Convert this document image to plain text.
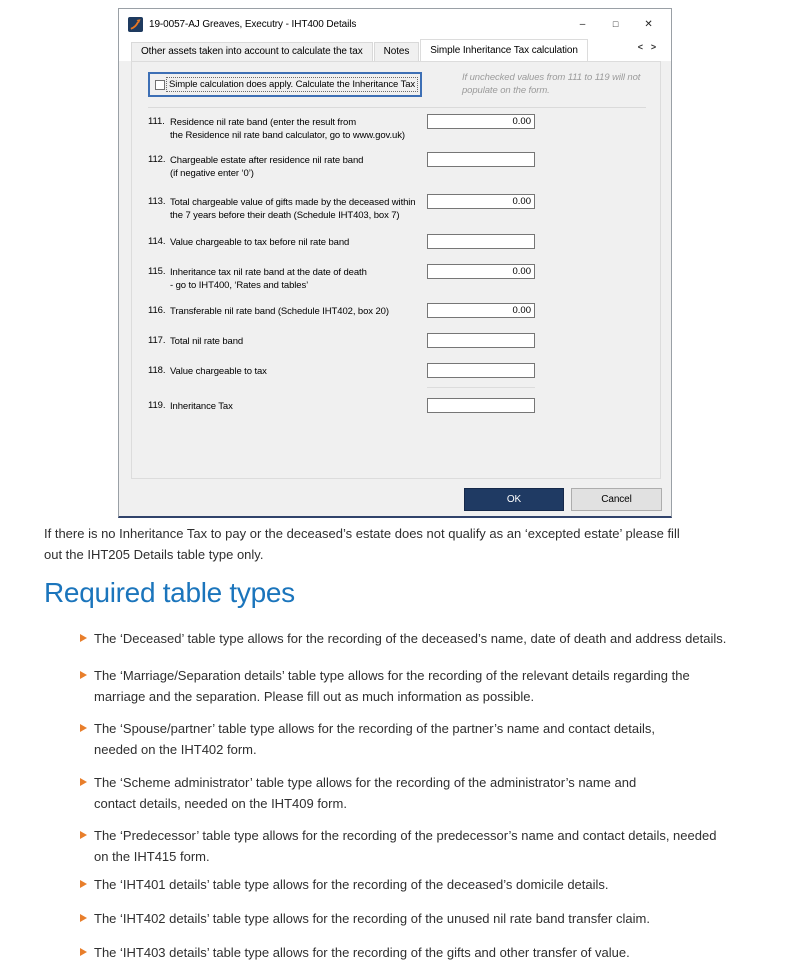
19-0057-AJ Greaves, Executry - IHT400 Details	–	□	✕
Other assets taken into account to calculate the tax	Notes	Simple Inheritance Tax calculation	< >
Simple calculation does apply. Calculate the Inheritance Tax
If unchecked values from 111 to 119 will not populate on the form.
111. Residence nil rate band (enter the result from
the Residence nil rate band calculator, go to www.gov.uk)
0.00
112. Chargeable estate after residence nil rate band
(if negative enter ‘0’)
113. Total chargeable value of gifts made by the deceased within
the 7 years before their death (Schedule IHT403, box 7)
0.00
114. Value chargeable to tax before nil rate band
115. Inheritance tax nil rate band at the date of death
- go to IHT400, ‘Rates and tables’
0.00
116. Transferable nil rate band (Schedule IHT402, box 20)
0.00
117. Total nil rate band
118. Value chargeable to tax
119. Inheritance Tax
OK	Cancel

If there is no Inheritance Tax to pay or the deceased’s estate does not qualify as an ‘excepted estate’ please fill
out the IHT205 Details table type only.

Required table types
The ‘Deceased’ table type allows for the recording of the deceased’s name, date of death and address details.
The ‘Marriage/Separation details’ table type allows for the recording of the relevant details regarding the
marriage and the separation. Please fill out as much information as possible.
The ‘Spouse/partner’ table type allows for the recording of the partner’s name and contact details,
needed on the IHT402 form.
The ‘Scheme administrator’ table type allows for the recording of the administrator’s name and
contact details, needed on the IHT409 form.
The ‘Predecessor’ table type allows for the recording of the predecessor’s name and contact details, needed
on the IHT415 form.
The ‘IHT401 details’ table type allows for the recording of the deceased’s domicile details.
The ‘IHT402 details’ table type allows for the recording of the unused nil rate band transfer claim.
The ‘IHT403 details’ table type allows for the recording of the gifts and other transfer of value.
